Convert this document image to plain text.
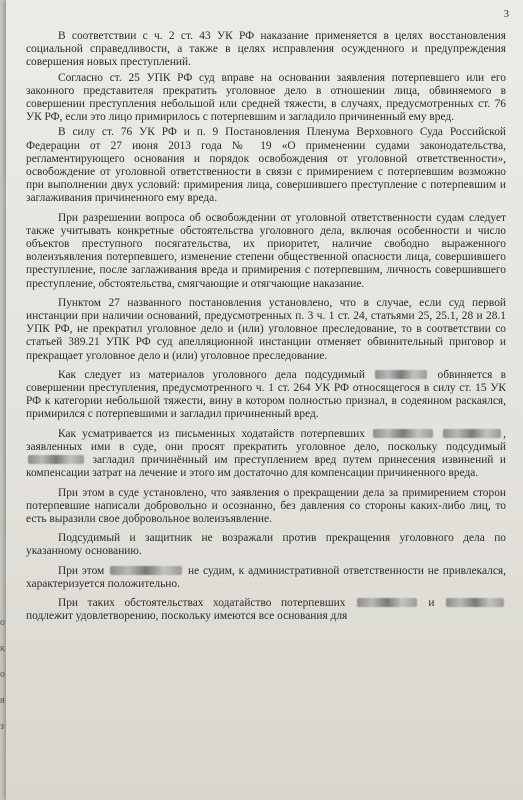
3

В соответствии с ч. 2 ст. 43 УК РФ наказание применяется в целях восстановления социальной справедливости, а также в целях исправления осужденного и предупреждения совершения новых преступлений.

Согласно ст. 25 УПК РФ суд вправе на основании заявления потерпевшего или его законного представителя прекратить уголовное дело в отношении лица, обвиняемого в совершении преступления небольшой или средней тяжести, в случаях, предусмотренных ст. 76 УК РФ, если это лицо примирилось с потерпевшим и загладило причиненный ему вред.

В силу ст. 76 УК РФ и п. 9 Постановления Пленума Верховного Суда Российской Федерации от 27 июня 2013 года № 19 «О применении судами законодательства, регламентирующего основания и порядок освобождения от уголовной ответственности», освобождение от уголовной ответственности в связи с примирением с потерпевшим возможно при выполнении двух условий: примирения лица, совершившего преступление с потерпевшим и заглаживания причиненного ему вреда.

При разрешении вопроса об освобождении от уголовной ответственности судам следует также учитывать конкретные обстоятельства уголовного дела, включая особенности и число объектов преступного посягательства, их приоритет, наличие свободно выраженного волеизъявления потерпевшего, изменение степени общественной опасности лица, совершившего преступление, после заглаживания вреда и примирения с потерпевшим, личность совершившего преступление, обстоятельства, смягчающие и отягчающие наказание.

Пунктом 27 названного постановления установлено, что в случае, если суд первой инстанции при наличии оснований, предусмотренных п. 3 ч. 1 ст. 24, статьями 25, 25.1, 28 и 28.1 УПК РФ, не прекратил уголовное дело и (или) уголовное преследование, то в соответствии со статьей 389.21 УПК РФ суд апелляционной инстанции отменяет обвинительный приговор и прекращает уголовное дело и (или) уголовное преследование.

Как следует из материалов уголовного дела подсудимый	обвиняется в совершении преступления, предусмотренного ч. 1 ст. 264 УК РФ относящегося в силу ст. 15 УК РФ к категории небольшой тяжести, вину в котором полностью признал, в содеянном раскаялся, примирился с потерпевшими и загладил причиненный вред.

Как усматривается из письменных ходатайств потерпевших	, заявленных ими в суде, они просят прекратить уголовное дело, поскольку подсудимый  загладил причинённый им преступлением вред путем принесения извинений и компенсации затрат на лечение и этого им достаточно для компенсации причиненного вреда.

При этом в суде установлено, что заявления о прекращении дела за примирением сторон потерпевшие написали добровольно и осознанно, без давления со стороны каких-либо лиц, то есть выразили свое добровольное волеизъявление.

Подсудимый и защитник не возражали против прекращения уголовного дела по указанному основанию.

При этом	не судим, к административной ответственности не привлекался, характеризуется положительно.

При таких обстоятельствах ходатайство потерпевших	и  подлежит удовлетворению, поскольку имеются все основания для

о
к
о
я
з
